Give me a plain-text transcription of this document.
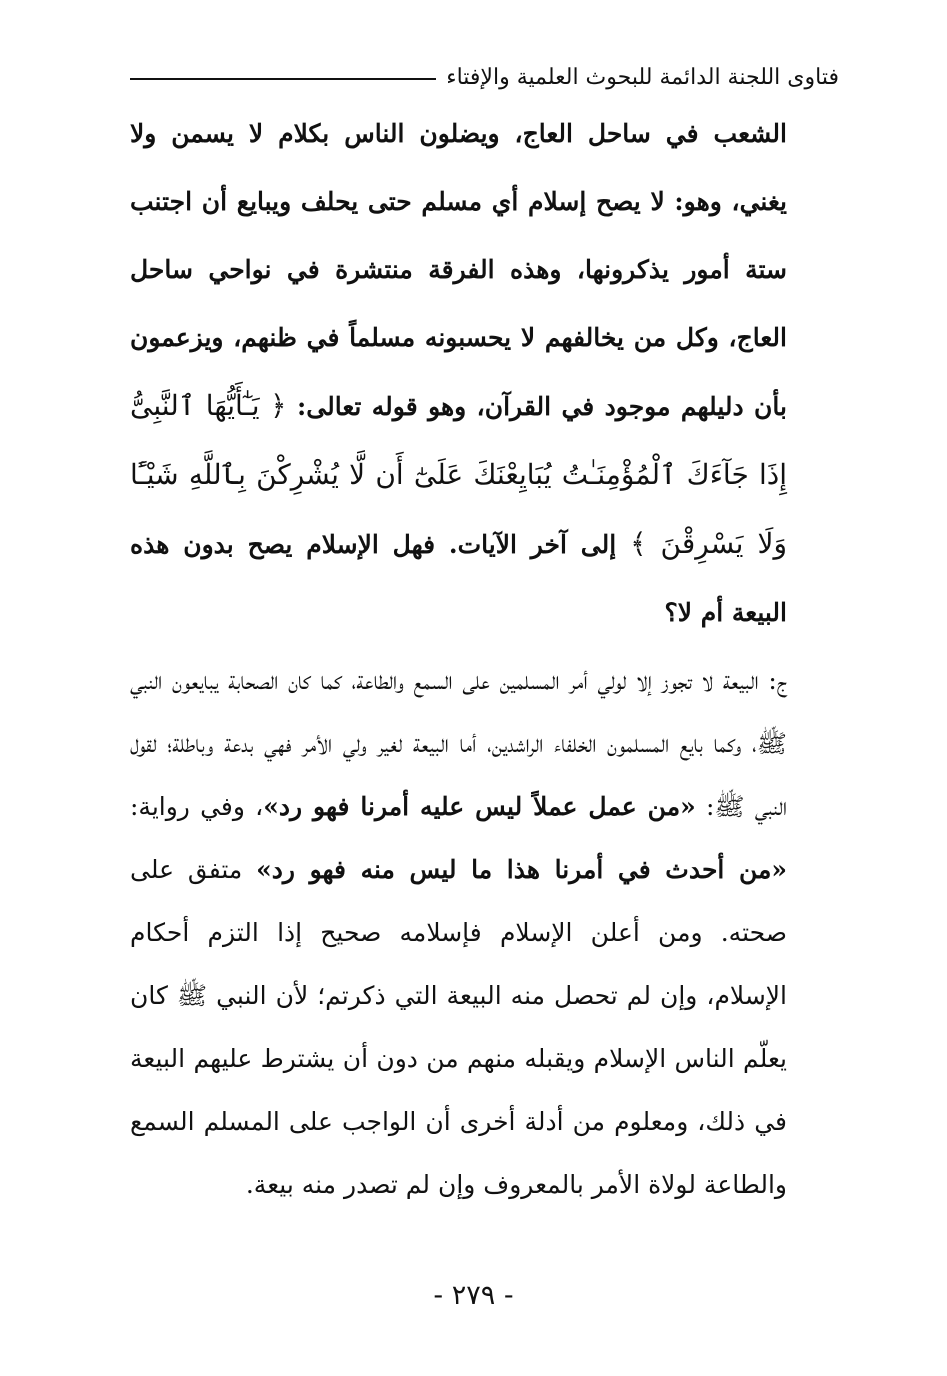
فتاوى اللجنة الدائمة للبحوث العلمية والإفتاء

الشعب في ساحل العاج، ويضلون الناس بكلام لا يسمن ولا يغني، وهو: لا يصح إسلام أي مسلم حتى يحلف ويبايع أن اجتنب ستة أمور يذكرونها، وهذه الفرقة منتشرة في نواحي ساحل العاج، وكل من يخالفهم لا يحسبونه مسلماً في ظنهم، ويزعمون بأن دليلهم موجود في القرآن، وهو قوله تعالى: ﴿ يَـٰٓأَيُّهَا ٱلنَّبِىُّ إِذَا جَآءَكَ ٱلْمُؤْمِنَـٰتُ يُبَايِعْنَكَ عَلَىٰٓ أَن لَّا يُشْرِكْنَ بِٱللَّهِ شَيْـًٔا وَلَا يَسْرِقْنَ ﴾ إلى آخر الآيات. فهل الإسلام يصح بدون هذه البيعة أم لا؟

ج: البيعة لا تجوز إلا لولي أمر المسلمين على السمع والطاعة، كما كان الصحابة يبايعون النبي ﷺ، وكما بايع المسلمون الخلفاء الراشدين، أما البيعة لغير ولي الأمر فهي بدعة وباطلة؛ لقول النبي ﷺ: «من عمل عملاً ليس عليه أمرنا فهو رد»، وفي رواية: «من أحدث في أمرنا هذا ما ليس منه فهو رد» متفق على صحته. ومن أعلن الإسلام فإسلامه صحيح إذا التزم أحكام الإسلام، وإن لم تحصل منه البيعة التي ذكرتم؛ لأن النبي ﷺ كان يعلّم الناس الإسلام ويقبله منهم من دون أن يشترط عليهم البيعة في ذلك، ومعلوم من أدلة أخرى أن الواجب على المسلم السمع والطاعة لولاة الأمر بالمعروف وإن لم تصدر منه بيعة.

- ٢٧٩ -
